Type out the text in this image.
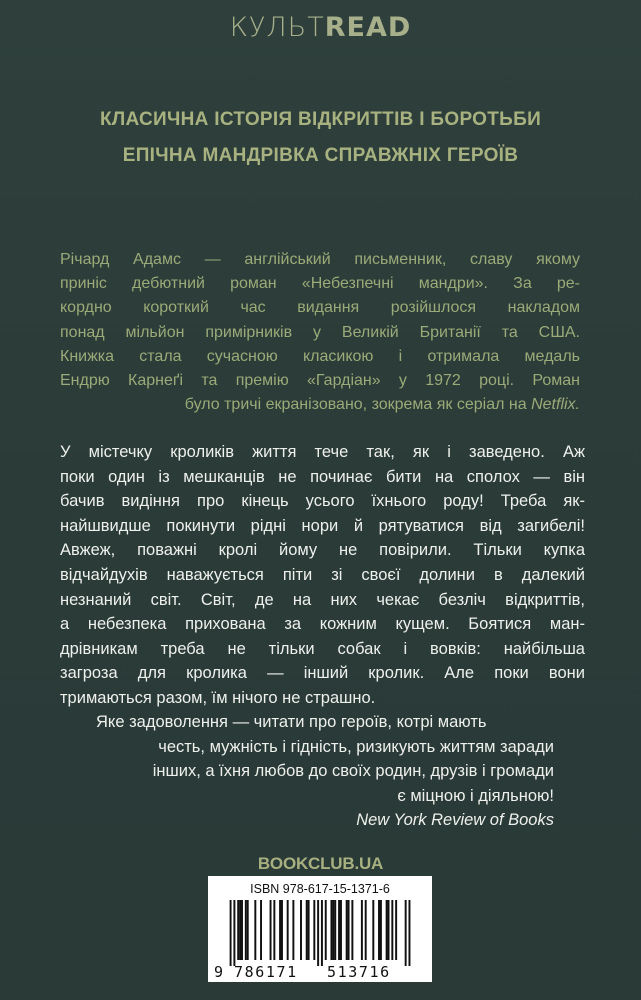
КУЛЬТREAD
КЛАСИЧНА ІСТОРІЯ ВІДКРИТТІВ І БОРОТЬБИ
ЕПІЧНА МАНДРІВКА СПРАВЖНІХ ГЕРОЇВ
Річард Адамс — англійський письменник, славу якому
приніс дебютний роман «Небезпечні мандри». За ре-
кордно короткий час видання розійшлося накладом
понад мільйон примірників у Великій Британії та США.
Книжка стала сучасною класикою і отримала медаль
Ендрю Карнеґі та премію «Гардіан» у 1972 році. Роман
було тричі екранізовано, зокрема як серіал на Netflix.
У містечку кроликів життя тече так, як і заведено. Аж
поки один із мешканців не починає бити на сполох — він
бачив видіння про кінець усього їхнього роду! Треба як-
найшвидше покинути рідні нори й рятуватися від загибелі!
Авжеж, поважні кролі йому не повірили. Тільки купка
відчайдухів наважується піти зі своєї долини в далекий
незнаний світ. Світ, де на них чекає безліч відкриттів,
а небезпека прихована за кожним кущем. Боятися ман-
дрівникам треба не тільки собак і вовків: найбільша
загроза для кролика — інший кролик. Але поки вони
тримаються разом, їм нічого не страшно.
Яке задоволення — читати про героїв, котрі мають
честь, мужність і гідність, ризикують життям заради
інших, а їхня любов до своїх родин, друзів і громади
є міцною і діяльною!
New York Review of Books
BOOKCLUB.UA
ISBN 978-617-15-1371-6
9 786171 513716
